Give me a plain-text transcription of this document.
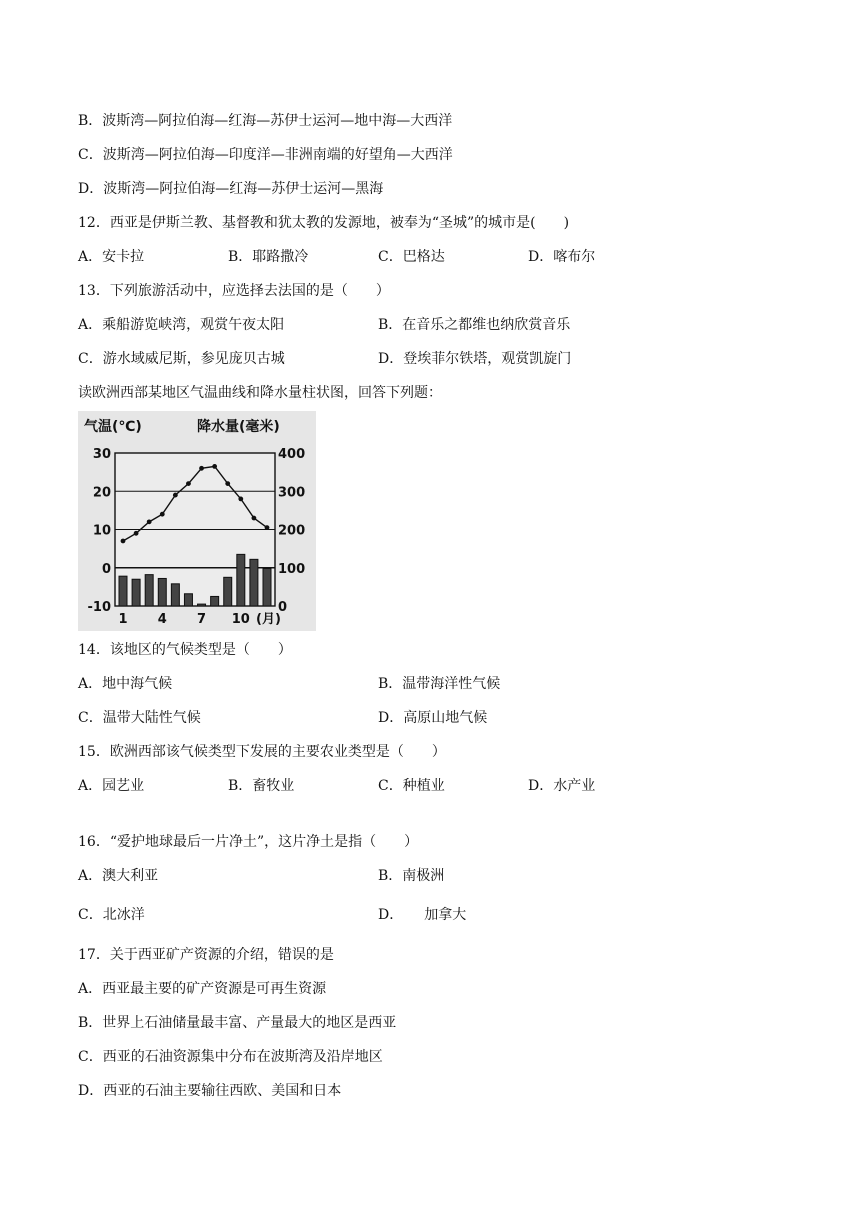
B．波斯湾—阿拉伯海—红海—苏伊士运河—地中海—大西洋
C．波斯湾—阿拉伯海—印度洋—非洲南端的好望角—大西洋
D．波斯湾—阿拉伯海—红海—苏伊士运河—黑海
12．西亚是伊斯兰教、基督教和犹太教的发源地，被奉为“圣城”的城市是(　　)
A．安卡拉	B．耶路撒冷	C．巴格达	D．喀布尔
13．下列旅游活动中，应选择去法国的是（　　）
A．乘船游览峡湾，观赏午夜太阳	B．在音乐之都维也纳欣赏音乐
C．游水域威尼斯，参见庞贝古城	D．登埃菲尔铁塔，观赏凯旋门
读欧洲西部某地区气温曲线和降水量柱状图，回答下列题：
气温(℃)	降水量(毫米)
30
20
10
0
-10
400
300
200
100
0
1 4 7 10 (月)
14．该地区的气候类型是（　　）
A．地中海气候	B．温带海洋性气候
C．温带大陆性气候	D．高原山地气候
15．欧洲西部该气候类型下发展的主要农业类型是（　　）
A．园艺业	B．畜牧业	C．种植业	D．水产业
16．“爱护地球最后一片净土”，这片净土是指（　　）
A．澳大利亚	B．南极洲
C．北冰洋	D．　　加拿大
17．关于西亚矿产资源的介绍，错误的是
A．西亚最主要的矿产资源是可再生资源
B．世界上石油储量最丰富、产量最大的地区是西亚
C．西亚的石油资源集中分布在波斯湾及沿岸地区
D．西亚的石油主要输往西欧、美国和日本
